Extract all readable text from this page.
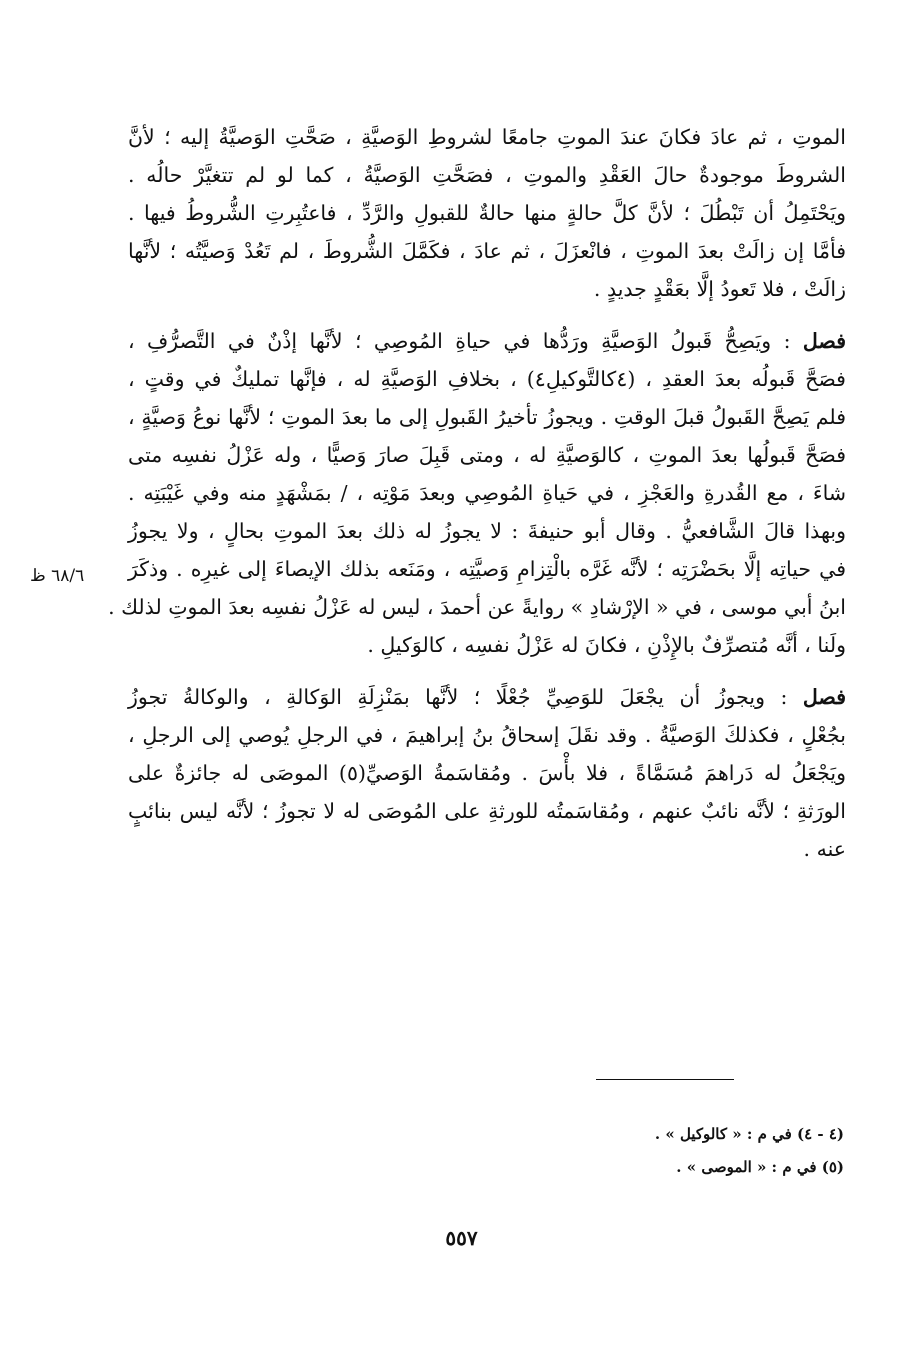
الموتِ ، ثم عادَ فكانَ عندَ الموتِ جامعًا لشروطِ الوَصيَّةِ ، صَحَّتِ الوَصيَّةُ إليه ؛ لأنَّ
الشروطَ موجودةٌ حالَ العَقْدِ والموتِ ، فصَحَّتِ الوَصيَّةُ ، كما لو لم تتغيَّرْ حالُه .
ويَحْتَمِلُ أن تَبْطُلَ ؛ لأنَّ كلَّ حالةٍ منها حالةٌ للقبولِ والرَّدِّ ، فاعتُبِرتِ الشُّروطُ فيها .
فأمَّا إن زالَتْ بعدَ الموتِ ، فانْعزَلَ ، ثم عادَ ، فكَمَّلَ الشُّروطَ ، لم تَعُدْ وَصيَّتُه ؛ لأنَّها
زالَتْ ، فلا تَعودُ إلَّا بعَقْدٍ جديدٍ .

فصل : ويَصِحُّ قَبولُ الوَصيَّةِ ورَدُّها في حياةِ المُوصِي ؛ لأنَّها إذْنٌ في التَّصرُّفِ ،
فصَحَّ قَبولُه بعدَ العقدِ ، (٤كالتَّوكيلِ٤) ، بخلافِ الوَصيَّةِ له ، فإنَّها تمليكٌ في وقتٍ ،
فلم يَصِحَّ القَبولُ قبلَ الوقتِ . ويجوزُ تأخيرُ القَبولِ إلى ما بعدَ الموتِ ؛ لأنَّها نوعُ وَصيَّةٍ ،
فصَحَّ قَبولُها بعدَ الموتِ ، كالوَصيَّةِ له ، ومتى قَبِلَ صارَ وَصيًّا ، وله عَزْلُ نفسِه متى
شاءَ ، مع القُدرةِ والعَجْزِ ، في حَياةِ المُوصِي وبعدَ مَوْتِه ، / بمَشْهَدٍ منه وفي غَيْبَتِه .
وبهذا قالَ الشَّافعيُّ . وقال أبو حنيفةَ : لا يجوزُ له ذلك بعدَ الموتِ بحالٍ ، ولا يجوزُ
في حياتِه إلَّا بحَضْرَتِه ؛ لأنَّه غَرَّه بالْتِزامِ وَصيَّتِه ، ومَنَعه بذلك الإيصاءَ إلى غيرِه . وذكَرَ
ابنُ أبي موسى ، في « الإرْشادِ » روايةً عن أحمدَ ، ليس له عَزْلُ نفسِه بعدَ الموتِ لذلك .
ولَنا ، أنَّه مُتصرِّفٌ بالإِذْنِ ، فكانَ له عَزْلُ نفسِه ، كالوَكيلِ .

فصل : ويجوزُ أن يجْعَلَ للوَصِيِّ جُعْلًا ؛ لأنَّها بمَنْزِلَةِ الوَكالةِ ، والوكالةُ تجوزُ
بجُعْلٍ ، فكذلكَ الوَصيَّةُ . وقد نقَلَ إسحاقُ بنُ إبراهيمَ ، في الرجلِ يُوصي إلى الرجلِ ،
ويَجْعَلُ له دَراهمَ مُسَمَّاةً ، فلا بأْسَ . ومُقاسَمةُ الوَصيِّ(٥) الموصَى له جائزةٌ على
الورَثةِ ؛ لأنَّه نائبٌ عنهم ، ومُقاسَمتُه للورثةِ على المُوصَى له لا تجوزُ ؛ لأنَّه ليس بنائبٍ
عنه .

٦٨/٦ ظ
(٤ - ٤) في م : « كالوكيل » .
(٥) في م : « الموصى » .
٥٥٧
